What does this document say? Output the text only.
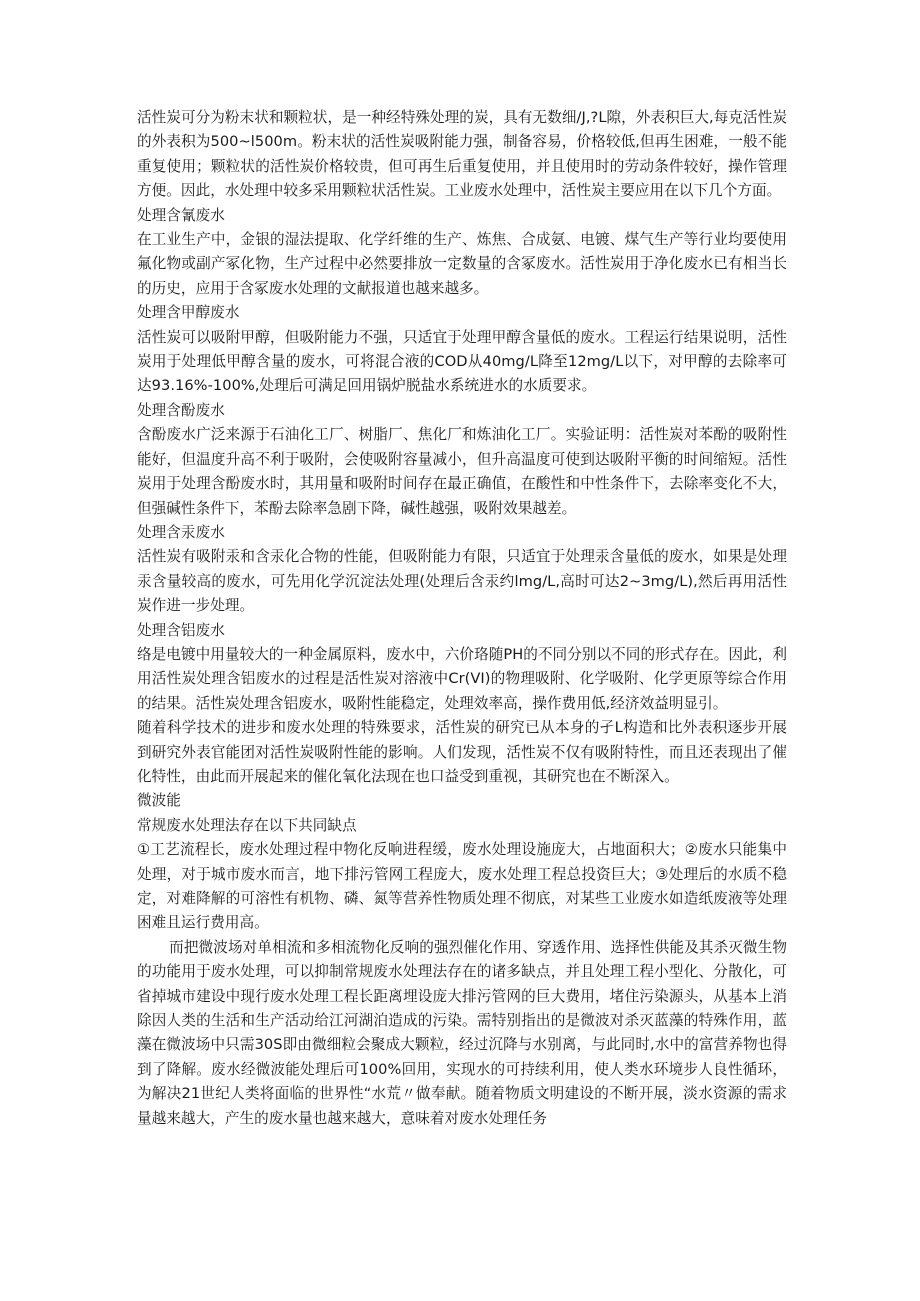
活性炭可分为粉末状和颗粒状，是一种经特殊处理的炭，具有无数细/J,?L隙，外表积巨大,每克活性炭的外表积为500~l500m。粉末状的活性炭吸附能力强，制备容易，价格较低,但再生困难，一般不能重复使用；颗粒状的活性炭价格较贵，但可再生后重复使用，并且使用时的劳动条件较好，操作管理方便。因此，水处理中较多采用颗粒状活性炭。工业废水处理中，活性炭主要应用在以下几个方面。

处理含氰废水

在工业生产中，金银的湿法提取、化学纤维的生产、炼焦、合成氨、电镀、煤气生产等行业均要使用氟化物或副产冢化物，生产过程中必然要排放一定数量的含冢废水。活性炭用于净化废水已有相当长的历史，应用于含冢废水处理的文献报道也越来越多。

处理含甲醇废水

活性炭可以吸附甲醇，但吸附能力不强，只适宜于处理甲醇含量低的废水。工程运行结果说明，活性炭用于处理低甲醇含量的废水，可将混合液的COD从40mg/L降至12mg/L以下，对甲醇的去除率可达93.16%-100%,处理后可满足回用锅炉脱盐水系统进水的水质要求。

处理含酚废水

含酚废水广泛来源于石油化工厂、树脂厂、焦化厂和炼油化工厂。实验证明：活性炭对苯酚的吸附性能好，但温度升高不利于吸附，会使吸附容量减小，但升高温度可使到达吸附平衡的时间缩短。活性炭用于处理含酚废水时，其用量和吸附时间存在最正确值，在酸性和中性条件下，去除率变化不大，但强碱性条件下，苯酚去除率急剧下降，碱性越强，吸附效果越差。

处理含汞废水

活性炭有吸附汞和含汞化合物的性能，但吸附能力有限，只适宜于处理汞含量低的废水，如果是处理汞含量较高的废水，可先用化学沉淀法处理(处理后含汞约lmg/L,高时可达2~3mg/L),然后再用活性炭作进一步处理。

处理含铝废水

络是电镀中用量较大的一种金属原料，废水中，六价珞随PH的不同分别以不同的形式存在。因此，利用活性炭处理含铝废水的过程是活性炭对溶液中Cr(VI)的物理吸附、化学吸附、化学更原等综合作用的结果。活性炭处理含铝废水，吸附性能稳定，处理效率高，操作费用低,经济效益明显引。

随着科学技术的进步和废水处理的特殊要求，活性炭的研究已从本身的孑L构造和比外表积逐步开展到研究外表官能团对活性炭吸附性能的影响。人们发现，活性炭不仅有吸附特性，而且还表现出了催化特性，由此而开展起来的催化氧化法现在也口益受到重视，其研究也在不断深入。

微波能

常规废水处理法存在以下共同缺点

①工艺流程长，废水处理过程中物化反响进程缓，废水处理设施庞大，占地面积大；②废水只能集中处理，对于城市废水而言，地下排污管网工程庞大，废水处理工程总投资巨大；③处理后的水质不稳定，对难降解的可溶性有机物、磷、氮等营养性物质处理不彻底，对某些工业废水如造纸废液等处理困难且运行费用高。

而把微波场对单相流和多相流物化反响的强烈催化作用、穿透作用、选择性供能及其杀灭微生物的功能用于废水处理，可以抑制常规废水处理法存在的诸多缺点，并且处理工程小型化、分散化，可省掉城市建设中现行废水处理工程长距离埋设庞大排污管网的巨大费用，堵住污染源头，从基本上消除因人类的生活和生产活动给江河湖泊造成的污染。需特别指出的是微波对杀灭蓝藻的特殊作用，蓝藻在微波场中只需30S即由微细粒会聚成大颗粒，经过沉降与水别离，与此同时,水中的富营养物也得到了降解。废水经微波能处理后可100%回用，实现水的可持续利用，使人类水环境步人良性循环，为解决21世纪人类将面临的世界性“水荒〃做奉献。随着物质文明建设的不断开展，淡水资源的需求量越来越大，产生的废水量也越来越大，意味着对废水处理任务
